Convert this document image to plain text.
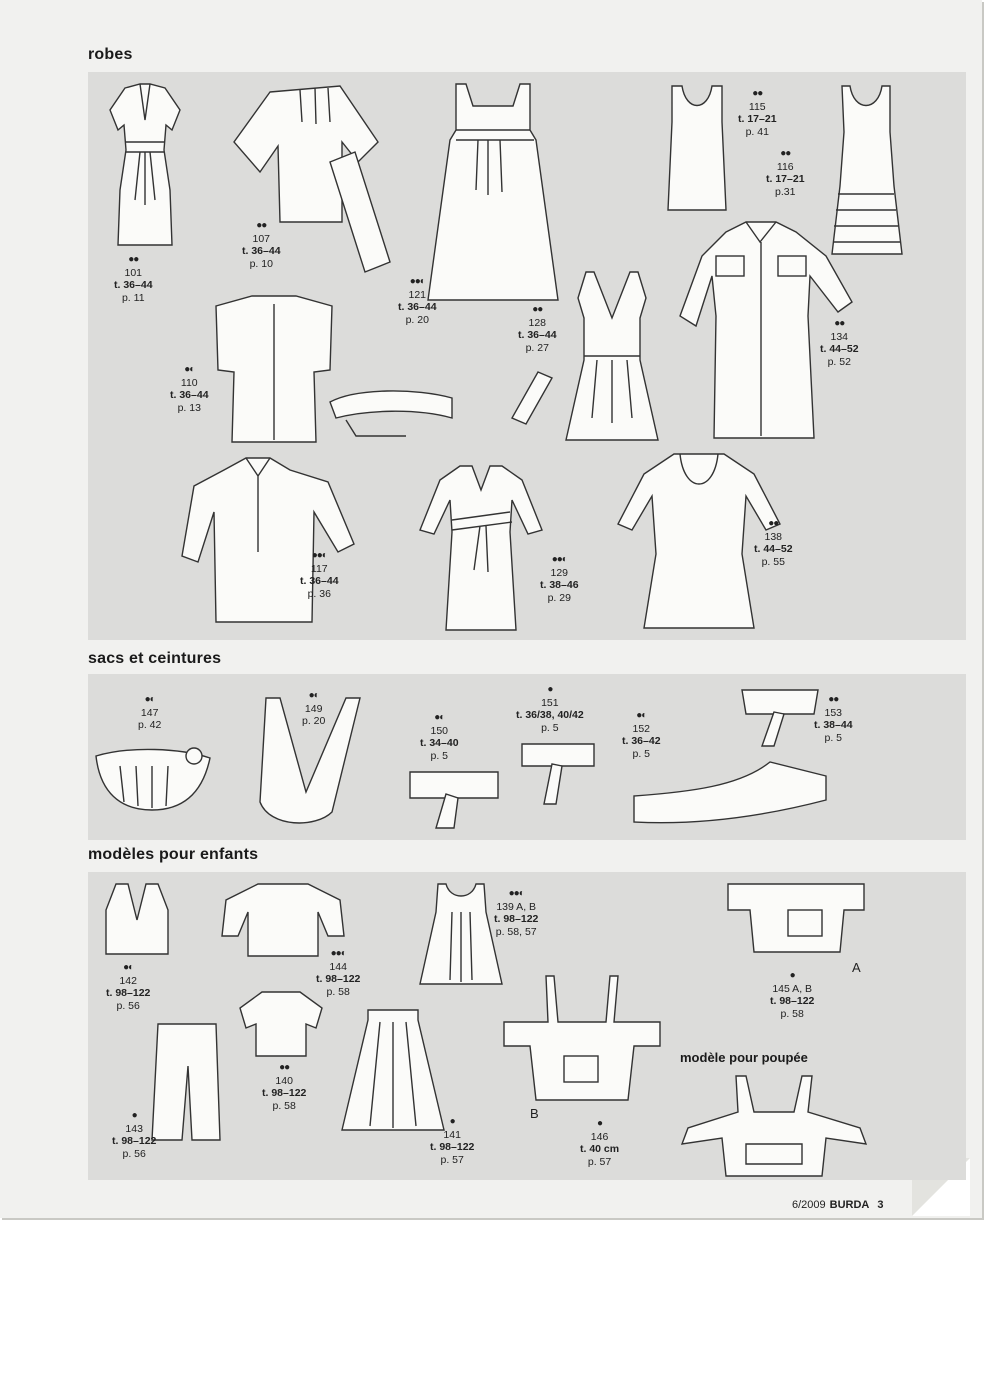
robes
●●
101
t. 36–44
p. 11
●●
107
t. 36–44
p. 10
●●◐
121
t. 36–44
p. 20
●●
115
t. 17–21
p. 41
●●
116
t. 17–21
p.31
●●
128
t. 36–44
p. 27
●●
134
t. 44–52
p. 52
●◐
110
t. 36–44
p. 13
●●◐
117
t. 36–44
p. 36
●●◐
129
t. 38–46
p. 29
●●
138
t. 44–52
p. 55
sacs et ceintures
●◐
147
p. 42
●◐
149
p. 20	●◐
150
t. 34–40
p. 5
●
151
t. 36/38, 40/42
p. 5
●◐
152
t. 36–42
p. 5
●●
153
t. 38–44
p. 5
modèles pour enfants
●◐
142
t. 98–122
p. 56
●●◐
144
t. 98–122
p. 58
●●◐
139 A, B
t. 98–122
p. 58, 57
A
●
145 A, B
t. 98–122
p. 58
●●
140
t. 98–122
p. 58
●
143
t. 98–122
p. 56
●
141
t. 98–122
p. 57
B
●
146
t. 40 cm
p. 57
modèle pour poupée
6/2009 BURDA 3
